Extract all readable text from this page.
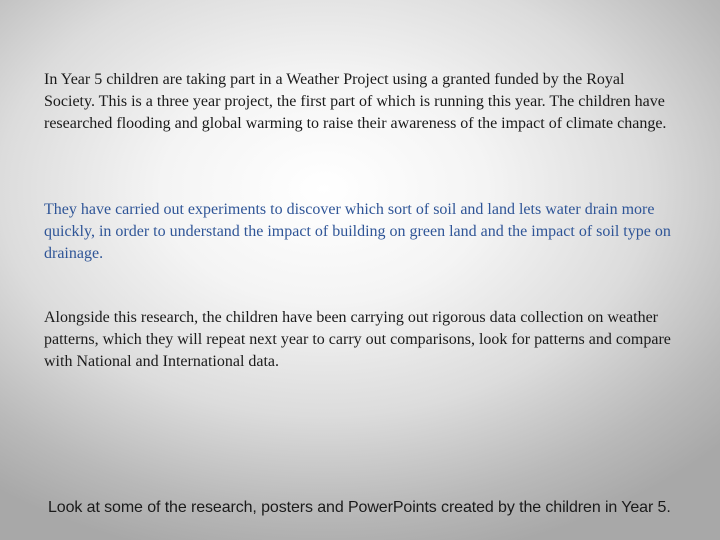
In Year 5 children are taking part in a Weather Project using a granted funded by the Royal Society. This is a three year project, the first part of which is running this year. The children have researched flooding and global warming to raise their awareness of the impact of climate change.

They have carried out experiments to discover which sort of soil and land lets water drain more quickly, in order to understand the impact of building on green land and the impact of soil type on drainage.

Alongside this research, the children have been carrying out rigorous data collection on weather patterns, which they will repeat next year to carry out comparisons, look for patterns and compare with National and International data.

Look at some of the research, posters and PowerPoints created by the children in Year 5.
